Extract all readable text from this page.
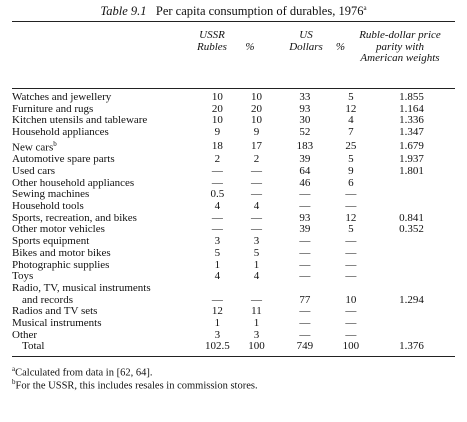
Table 9.1 Per capita consumption of durables, 1976$^a$
USSR	US	Ruble-dollar price parity with American weights
Rubles	%	Dollars	%
Watches and jewellery	10	10	33	5	1.855
Furniture and rugs	20	20	93	12	1.164
Kitchen utensils and tableware	10	10	30	4	1.336
Household appliances	9	9	52	7	1.347
New cars$^b$	18	17	183	25	1.679
Automotive spare parts	2	2	39	5	1.937
Used cars	—	—	64	9	1.801
Other household appliances	—	—	46	6	
Sewing machines	0.5	—	—	—	
Household tools	4	4	—	—	
Sports, recreation, and bikes	—	—	93	12	0.841
Other motor vehicles	—	—	39	5	0.352
Sports equipment	3	3	—	—	
Bikes and motor bikes	5	5	—	—	
Photographic supplies	1	1	—	—	
Toys	4	4	—	—	
Radio, TV, musical instruments					
and records	—	—	77	10	1.294
Radios and TV sets	12	11	—	—	
Musical instruments	1	1	—	—	
Other	3	3	—	—	
Total	102.5	100	749	100	1.376
$^a$Calculated from data in [62, 64].
$^b$For the USSR, this includes resales in commission stores.
